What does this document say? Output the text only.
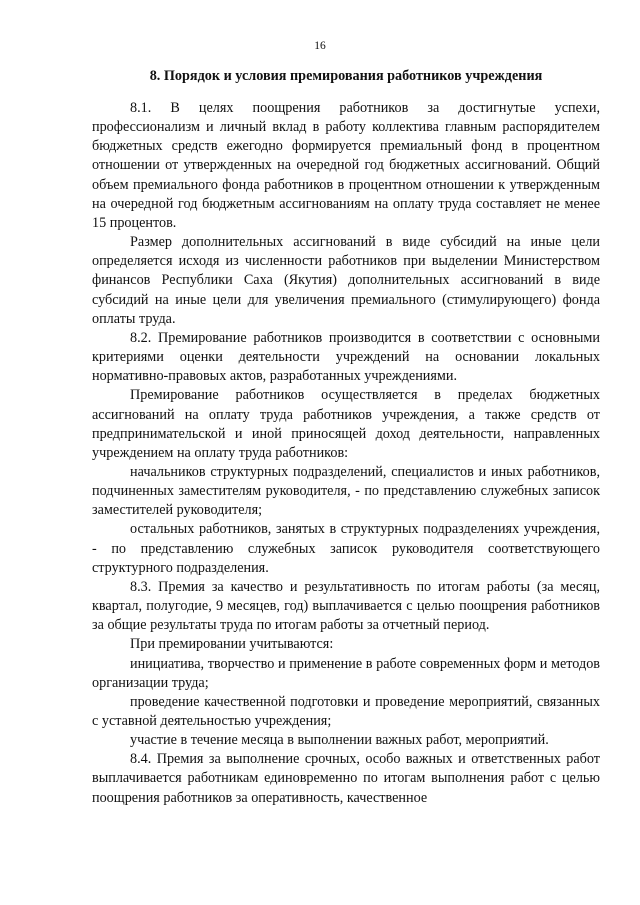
16
8. Порядок и условия премирования работников учреждения

8.1. В целях поощрения работников за достигнутые успехи, профессионализм и личный вклад в работу коллектива главным распорядителем бюджетных средств ежегодно формируется премиальный фонд в процентном отношении от утвержденных на очередной год бюджетных ассигнований. Общий объем премиального фонда работников в процентном отношении к утвержденным на очередной год бюджетным ассигнованиям на оплату труда составляет не менее 15 процентов.

Размер дополнительных ассигнований в виде субсидий на иные цели определяется исходя из численности работников при выделении Министерством финансов Республики Саха (Якутия) дополнительных ассигнований в виде субсидий на иные цели для увеличения премиального (стимулирующего) фонда оплаты труда.

8.2. Премирование работников производится в соответствии с основными критериями оценки деятельности учреждений на основании локальных нормативно-правовых актов, разработанных учреждениями.

Премирование работников осуществляется в пределах бюджетных ассигнований на оплату труда работников учреждения, а также средств от предпринимательской и иной приносящей доход деятельности, направленных учреждением на оплату труда работников:

начальников структурных подразделений, специалистов и иных работников, подчиненных заместителям руководителя, - по представлению служебных записок заместителей руководителя;

остальных работников, занятых в структурных подразделениях учреждения, - по представлению служебных записок руководителя соответствующего структурного подразделения.

8.3. Премия за качество и результативность по итогам работы (за месяц, квартал, полугодие, 9 месяцев, год) выплачивается с целью поощрения работников за общие результаты труда по итогам работы за отчетный период.

При премировании учитываются:

инициатива, творчество и применение в работе современных форм и методов организации труда;

проведение качественной подготовки и проведение мероприятий, связанных с уставной деятельностью учреждения;

участие в течение месяца в выполнении важных работ, мероприятий.

8.4. Премия за выполнение срочных, особо важных и ответственных работ выплачивается работникам единовременно по итогам выполнения работ с целью поощрения работников за оперативность, качественное
